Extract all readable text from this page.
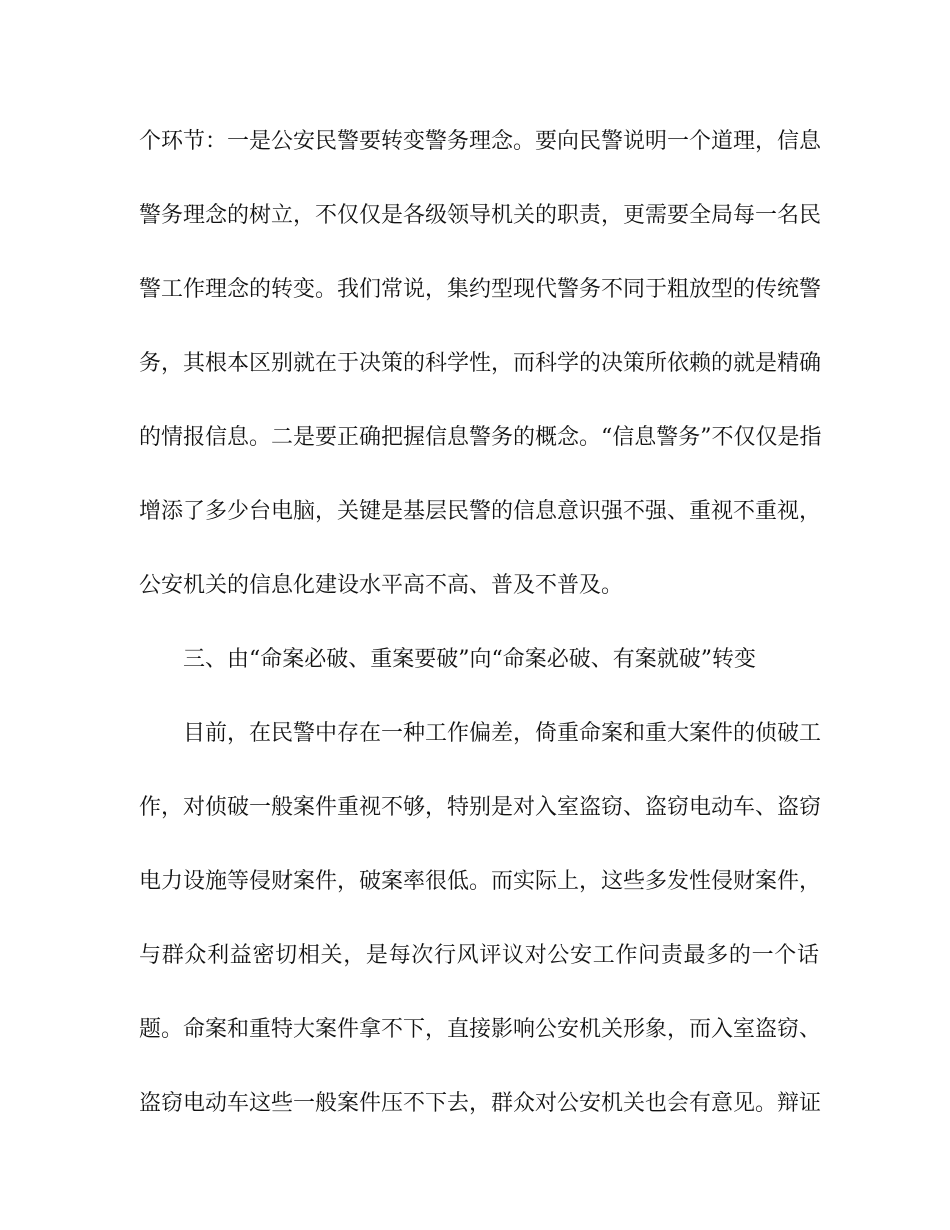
个环节：一是公安民警要转变警务理念。要向民警说明一个道理，信息
警务理念的树立，不仅仅是各级领导机关的职责，更需要全局每一名民
警工作理念的转变。我们常说，集约型现代警务不同于粗放型的传统警
务，其根本区别就在于决策的科学性，而科学的决策所依赖的就是精确
的情报信息。二是要正确把握信息警务的概念。“信息警务”不仅仅是指
增添了多少台电脑，关键是基层民警的信息意识强不强、重视不重视，
公安机关的信息化建设水平高不高、普及不普及。
三、由“命案必破、重案要破”向“命案必破、有案就破”转变
目前，在民警中存在一种工作偏差，倚重命案和重大案件的侦破工
作，对侦破一般案件重视不够，特别是对入室盗窃、盗窃电动车、盗窃
电力设施等侵财案件，破案率很低。而实际上，这些多发性侵财案件，
与群众利益密切相关，是每次行风评议对公安工作问责最多的一个话
题。命案和重特大案件拿不下，直接影响公安机关形象，而入室盗窃、
盗窃电动车这些一般案件压不下去，群众对公安机关也会有意见。辩证
